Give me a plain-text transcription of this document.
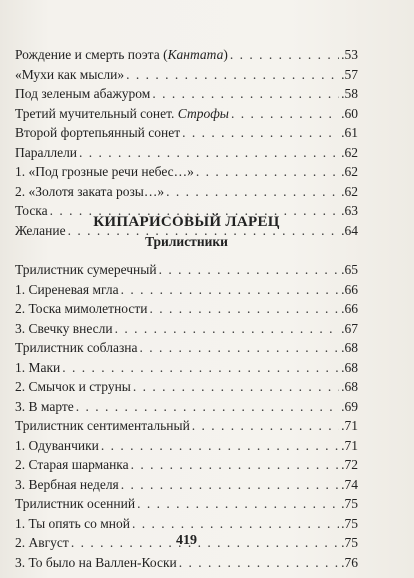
Рождение и смерть поэта (Кантата) . . .	.53
«Мухи как мысли» . . .	.57
Под зеленым абажуром . . .	.58
Третий мучительный сонет. Строфы . . .	.60
Второй фортепьянный сонет . . .	.61
Параллели . . .	.62
1. «Под грозные речи небес…» . . .	.62
2. «Золотя заката розы…» . . .	.62
Тоска . . .	.63
Желание . . .	.64
КИПАРИСОВЫЙ ЛАРЕЦ
Трилистники
Трилистник сумеречный . . .	.65
1. Сиреневая мгла . . .	.66
2. Тоска мимолетности . . .	.66
3. Свечку внесли . . .	.67
Трилистник соблазна . . .	.68
1. Маки . . .	.68
2. Смычок и струны . . .	.68
3. В марте . . .	.69
Трилистник сентиментальный . . .	.71
1. Одуванчики . . .	.71
2. Старая шарманка . . .	.72
3. Вербная неделя . . .	.74
Трилистник осенний . . .	.75
1. Ты опять со мной . . .	.75
2. Август . . .	.75
3. То было на Валлен-Коски . . .	.76
419
